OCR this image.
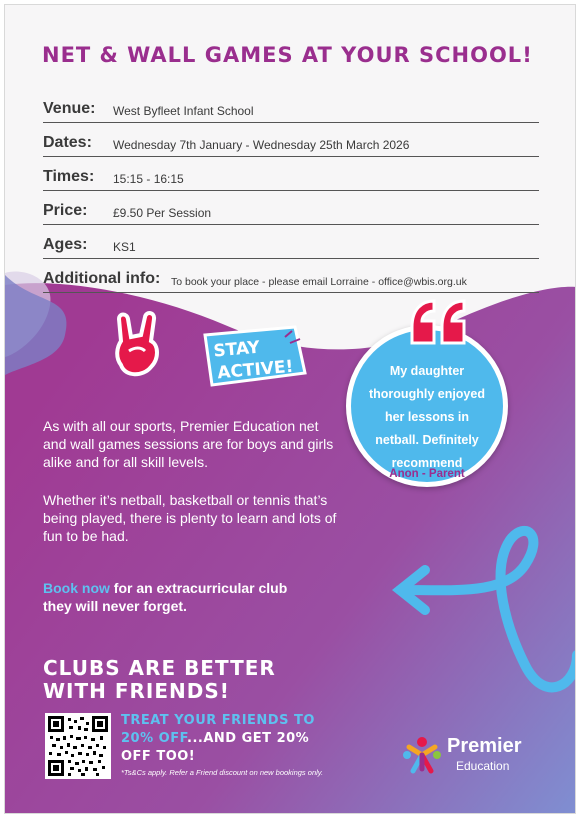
NET & WALL GAMES AT YOUR SCHOOL!
Venue:	West Byfleet Infant School
Dates:	Wednesday 7th January - Wednesday 25th March 2026
Times:	15:15 - 16:15
Price:	£9.50 Per Session
Ages:	KS1
Additional info:	To book your place - please email Lorraine - office@wbis.org.uk
STAY
ACTIVE!	My daughter thoroughly enjoyed her lessons in netball. Definitely recommend
Anon - Parent
As with all our sports, Premier Education net and wall games sessions are for boys and girls alike and for all skill levels.
Whether it’s netball, basketball or tennis that’s being played, there is plenty to learn and lots of fun to be had.
Book now for an extracurricular club they will never forget.
CLUBS ARE BETTER WITH FRIENDS!
TREAT YOUR FRIENDS TO 20% OFF...AND GET 20% OFF TOO!
*Ts&Cs apply. Refer a Friend discount on new bookings only.
Premier
Education
